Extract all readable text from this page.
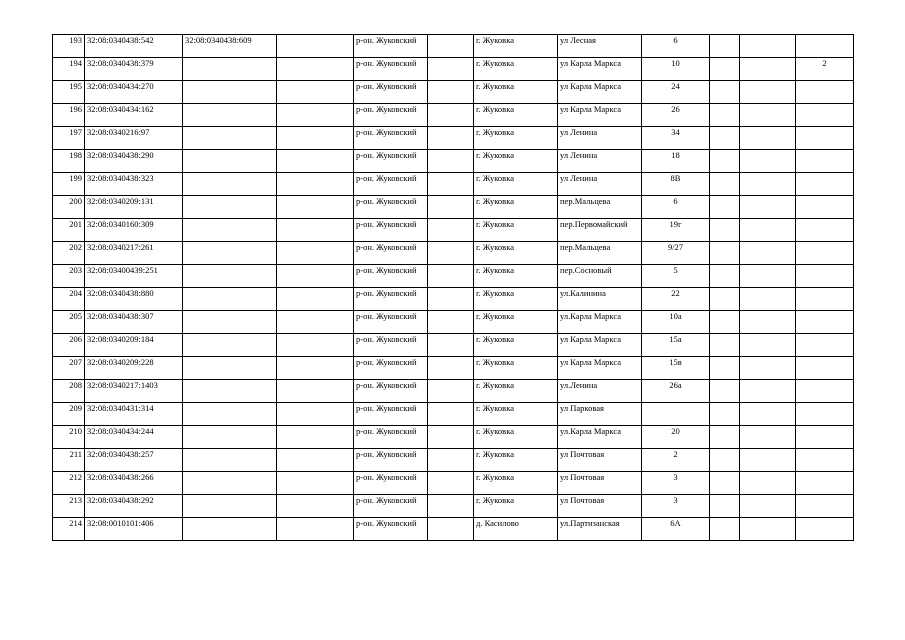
193	32:08:0340438:542	32:08:0340438:609		р-он. Жуковский		г. Жуковка	ул Лесная	6			
194	32:08:0340438:379			р-он. Жуковский		г. Жуковка	ул Карла Маркса	10			2
195	32:08:0340434:270			р-он. Жуковский		г. Жуковка	ул Карла Маркса	24			
196	32:08:0340434:162			р-он. Жуковский		г. Жуковка	ул Карла Маркса	26			
197	32:08:0340216:97			р-он. Жуковский		г. Жуковка	ул Ленина	34			
198	32:08:0340438:290			р-он. Жуковский		г. Жуковка	ул Ленина	18			
199	32:08:0340438:323			р-он. Жуковский		г. Жуковка	ул Ленина	8В			
200	32:08:0340209:131			р-он. Жуковский		г. Жуковка	пер.Мальцева	6			
201	32:08:0340160:309			р-он. Жуковский		г. Жуковка	пер.Первомайский	19г			
202	32:08:0340217:261			р-он. Жуковский		г. Жуковка	пер.Мальцева	9/27			
203	32:08:03400439:251			р-он. Жуковский		г. Жуковка	пер.Сосновый	5			
204	32:08:0340438:880			р-он. Жуковский		г. Жуковка	ул.Калинина	22			
205	32:08:0340438:307			р-он. Жуковский		г. Жуковка	ул.Карла Маркса	10а			
206	32:08:0340209:184			р-он. Жуковский		г. Жуковка	ул Карла Маркса	15а			
207	32:08:0340209:228			р-он. Жуковский		г. Жуковка	ул Карла Маркса	15в			
208	32:08:0340217:1403			р-он. Жуковский		г. Жуковка	ул.Ленина	26а			
209	32:08:0340431:314			р-он. Жуковский		г. Жуковка	ул Парковая				
210	32:08:0340434:244			р-он. Жуковский		г. Жуковка	ул.Карла Маркса	20			
211	32:08:0340438:257			р-он. Жуковский		г. Жуковка	ул Почтовая	2			
212	32:08:0340438:266			р-он. Жуковский		г. Жуковка	ул Почтовая	3			
213	32:08:0340438:292			р-он. Жуковский		г. Жуковка	ул Почтовая	3			
214	32:08:0010101:406			р-он. Жуковский		д. Касилово	ул.Партизанская	6А			
